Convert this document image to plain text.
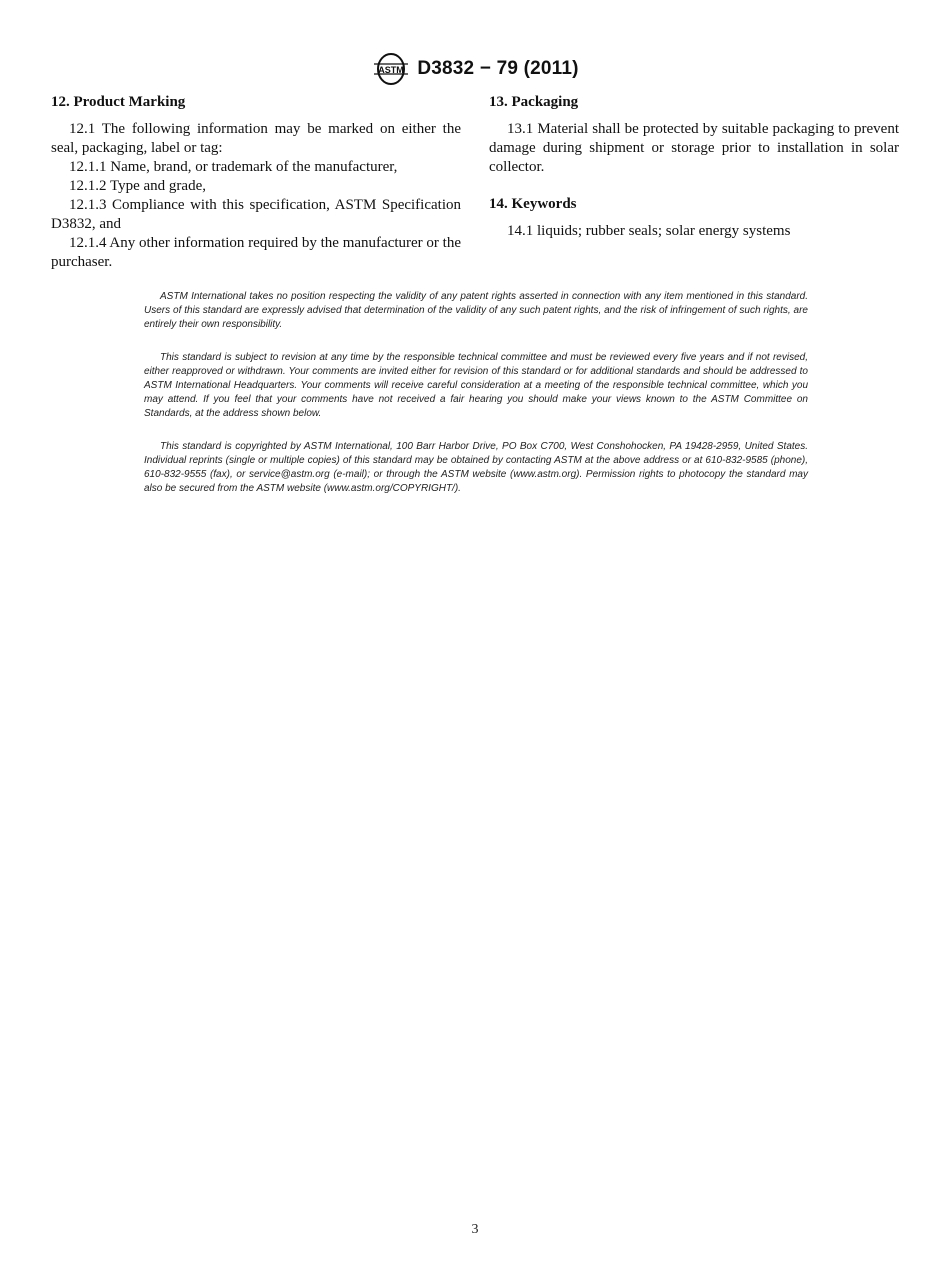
ASTM D3832 − 79 (2011)
12. Product Marking

12.1 The following information may be marked on either the seal, packaging, label or tag:

12.1.1 Name, brand, or trademark of the manufacturer,

12.1.2 Type and grade,

12.1.3 Compliance with this specification, ASTM Specification D3832, and

12.1.4 Any other information required by the manufacturer or the purchaser.

13. Packaging

13.1 Material shall be protected by suitable packaging to prevent damage during shipment or storage prior to installation in solar collector.

14. Keywords

14.1 liquids; rubber seals; solar energy systems

ASTM International takes no position respecting the validity of any patent rights asserted in connection with any item mentioned in this standard. Users of this standard are expressly advised that determination of the validity of any such patent rights, and the risk of infringement of such rights, are entirely their own responsibility.

This standard is subject to revision at any time by the responsible technical committee and must be reviewed every five years and if not revised, either reapproved or withdrawn. Your comments are invited either for revision of this standard or for additional standards and should be addressed to ASTM International Headquarters. Your comments will receive careful consideration at a meeting of the responsible technical committee, which you may attend. If you feel that your comments have not received a fair hearing you should make your views known to the ASTM Committee on Standards, at the address shown below.

This standard is copyrighted by ASTM International, 100 Barr Harbor Drive, PO Box C700, West Conshohocken, PA 19428-2959, United States. Individual reprints (single or multiple copies) of this standard may be obtained by contacting ASTM at the above address or at 610-832-9585 (phone), 610-832-9555 (fax), or service@astm.org (e-mail); or through the ASTM website (www.astm.org). Permission rights to photocopy the standard may also be secured from the ASTM website (www.astm.org/COPYRIGHT/).

3
